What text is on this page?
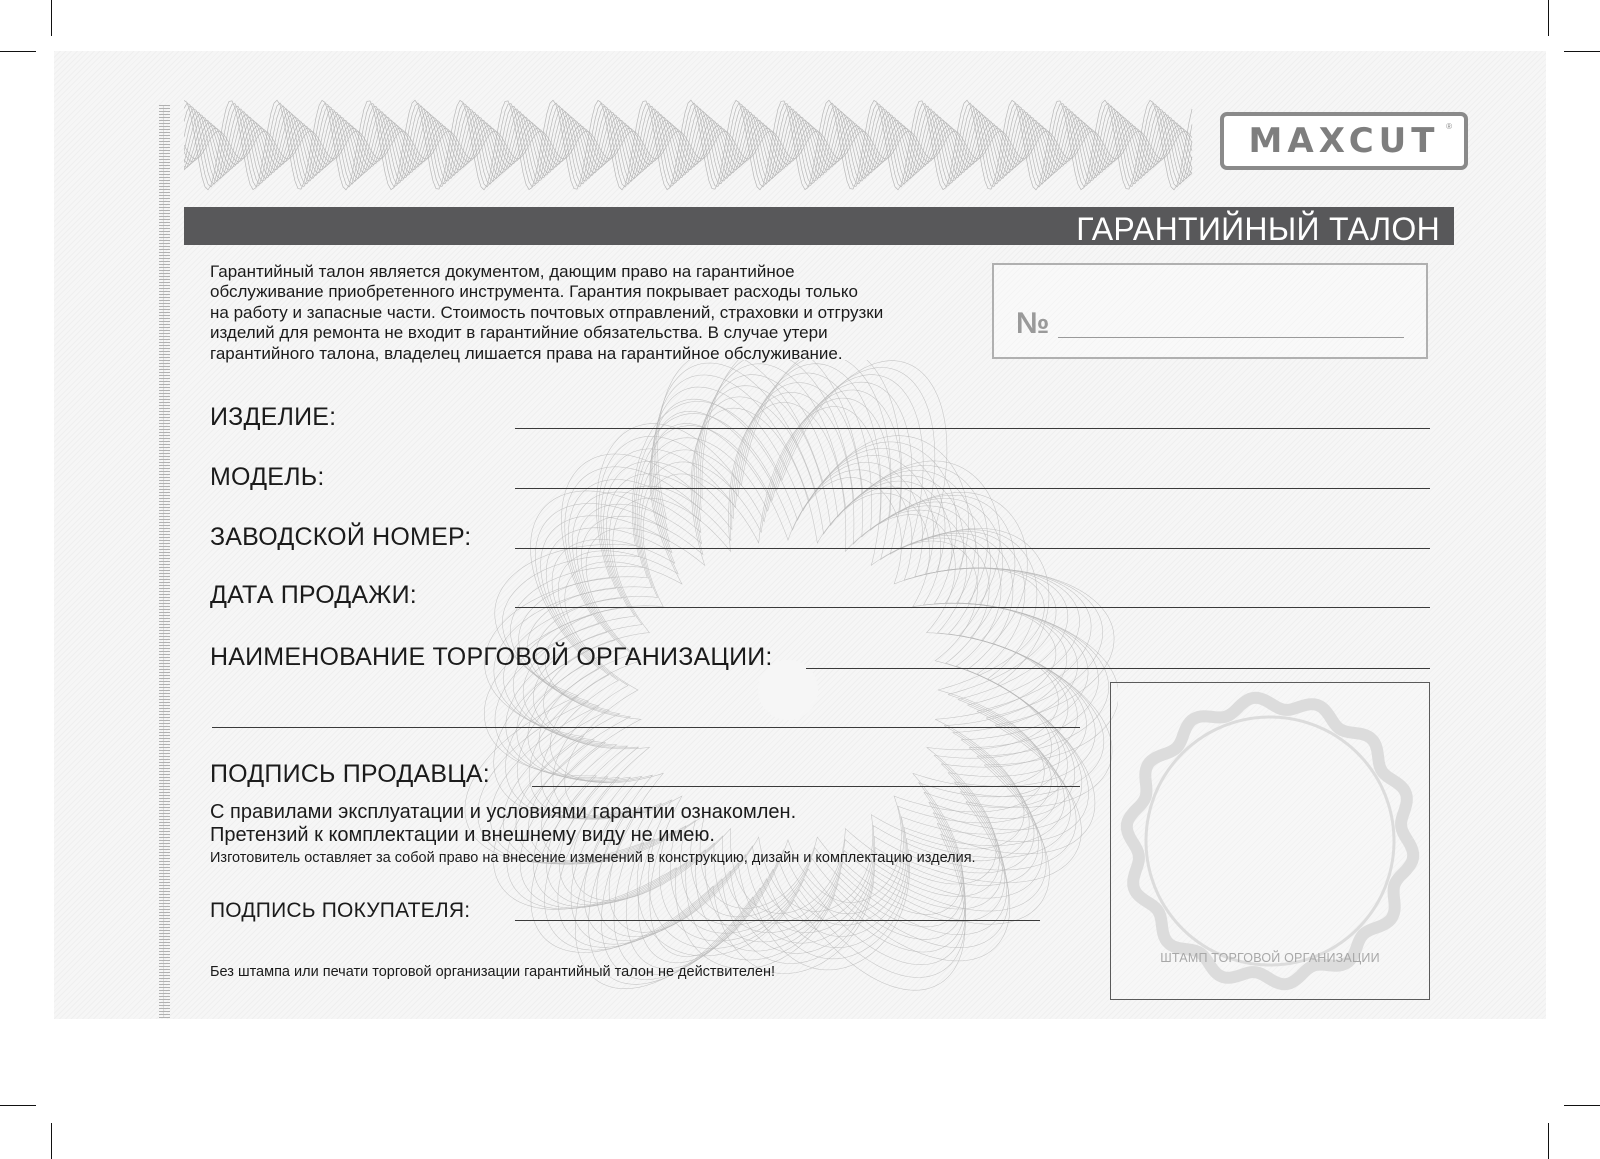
MAXCUT ®
ГАРАНТИЙНЫЙ ТАЛОН
Гарантийный талон является документом, дающим право на гарантийное
обслуживание приобретенного инструмента. Гарантия покрывает расходы только
на работу и запасные части. Стоимость почтовых отправлений, страховки и отгрузки
изделий для ремонта не входит в гарантийние обязательства. В случае утери
гарантийного талона, владелец лишается права на гарантийное обслуживание.
№
ИЗДЕЛИЕ:
МОДЕЛЬ:
ЗАВОДСКОЙ НОМЕР:
ДАТА ПРОДАЖИ:
НАИМЕНОВАНИЕ ТОРГОВОЙ ОРГАНИЗАЦИИ:
ПОДПИСЬ ПРОДАВЦА:
С правилами эксплуатации и условиями гарантии ознакомлен.
Претензий к комплектации и внешнему виду не имею.
Изготовитель оставляет за собой право на внесение изменений в конструкцию, дизайн и комплектацию изделия.
ПОДПИСЬ ПОКУПАТЕЛЯ:
Без штампа или печати торговой организации гарантийный талон не действителен!
ШТАМП ТОРГОВОЙ ОРГАНИЗАЦИИ
